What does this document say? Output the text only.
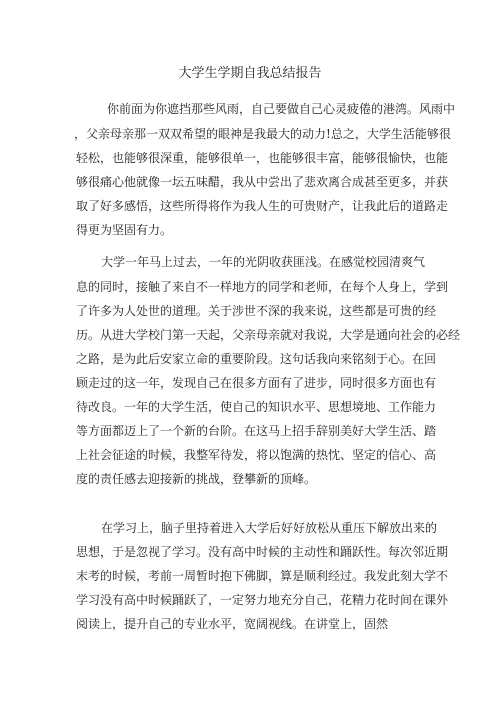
大学生学期自我总结报告
你前面为你遮挡那些风雨，自己要做自己心灵疲倦的港湾。风雨中
，父亲母亲那一双双希望的眼神是我最大的动力!总之，大学生活能够很
轻松，也能够很深重，能够很单一，也能够很丰富，能够很愉快，也能
够很痛心他就像一坛五味醋，我从中尝出了悲欢离合成甚至更多，并获
取了好多感悟，这些所得将作为我人生的可贵财产，让我此后的道路走
得更为坚固有力。
大学一年马上过去，一年的光阴收获匪浅。在感觉校园清爽气
息的同时，接触了来自不一样地方的同学和老师，在每个人身上，学到
了许多为人处世的道理。关于涉世不深的我来说，这些都是可贵的经
历。从进大学校门第一天起，父亲母亲就对我说，大学是通向社会的必经
之路，是为此后安家立命的重要阶段。这句话我向来铭刻于心。在回
顾走过的这一年，发现自己在很多方面有了进步，同时很多方面也有
待改良。一年的大学生活，使自己的知识水平、思想境地、工作能力
等方面都迈上了一个新的台阶。在这马上招手辞别美好大学生活、踏
上社会征途的时候，我整军待发，将以饱满的热忱、坚定的信心、高
度的责任感去迎接新的挑战，登攀新的顶峰。
在学习上，脑子里持着进入大学后好好放松从重压下解放出来的
思想，于是忽视了学习。没有高中时候的主动性和踊跃性。每次邻近期
末考的时候，考前一周暂时抱下佛脚，算是顺利经过。我发此刻大学不
学习没有高中时候踊跃了，一定努力地充分自己，花精力花时间在课外
阅读上，提升自己的专业水平，宽阔视线。在讲堂上，固然
